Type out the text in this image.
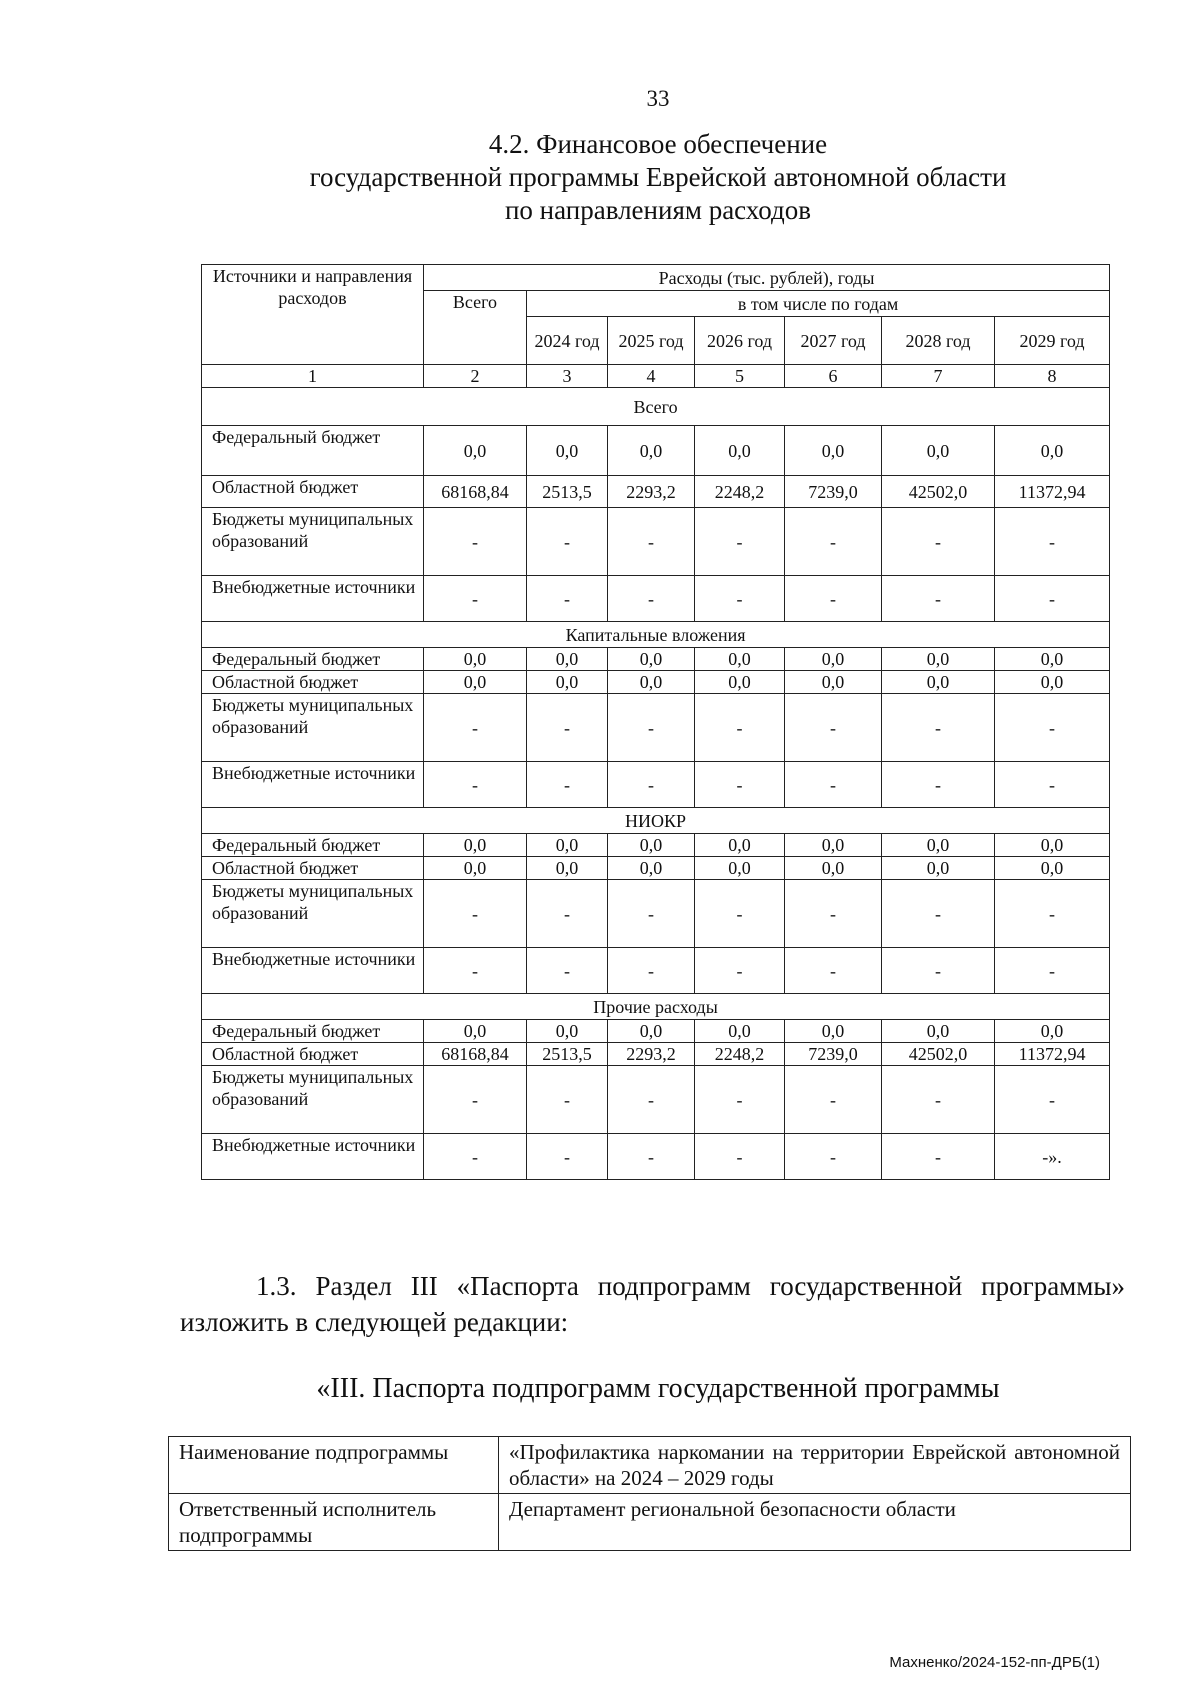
33
4.2. Финансовое обеспечение
государственной программы Еврейской автономной области
по направлениям расходов
Источники и направления расходов	Расходы (тыс. рублей), годы						
	Всего	в том числе по годам					
		2024 год	2025 год	2026 год	2027 год	2028 год	2029 год
1	2	3	4	5	6	7	8
Всего							
Федеральный бюджет	0,0	0,0	0,0	0,0	0,0	0,0	0,0
Областной бюджет	68168,84	2513,5	2293,2	2248,2	7239,0	42502,0	11372,94
Бюджеты муниципальных образований	-	-	-	-	-	-	-
Внебюджетные источники	-	-	-	-	-	-	-
Капитальные вложения							
Федеральный бюджет	0,0	0,0	0,0	0,0	0,0	0,0	0,0
Областной бюджет	0,0	0,0	0,0	0,0	0,0	0,0	0,0
Бюджеты муниципальных образований	-	-	-	-	-	-	-
Внебюджетные источники	-	-	-	-	-	-	-
НИОКР							
Федеральный бюджет	0,0	0,0	0,0	0,0	0,0	0,0	0,0
Областной бюджет	0,0	0,0	0,0	0,0	0,0	0,0	0,0
Бюджеты муниципальных образований	-	-	-	-	-	-	-
Внебюджетные источники	-	-	-	-	-	-	-
Прочие расходы							
Федеральный бюджет	0,0	0,0	0,0	0,0	0,0	0,0	0,0
Областной бюджет	68168,84	2513,5	2293,2	2248,2	7239,0	42502,0	11372,94
Бюджеты муниципальных образований	-	-	-	-	-	-	-
Внебюджетные источники	-	-	-	-	-	-	-».
1.3. Раздел III «Паспорта подпрограмм государственной программы» изложить в следующей редакции:
«III. Паспорта подпрограмм государственной программы
Наименование подпрограммы	«Профилактика наркомании на территории Еврейской автономной области» на 2024 – 2029 годы
Ответственный исполнитель подпрограммы	Департамент региональной безопасности области
Махненко/2024-152-пп-ДРБ(1)
